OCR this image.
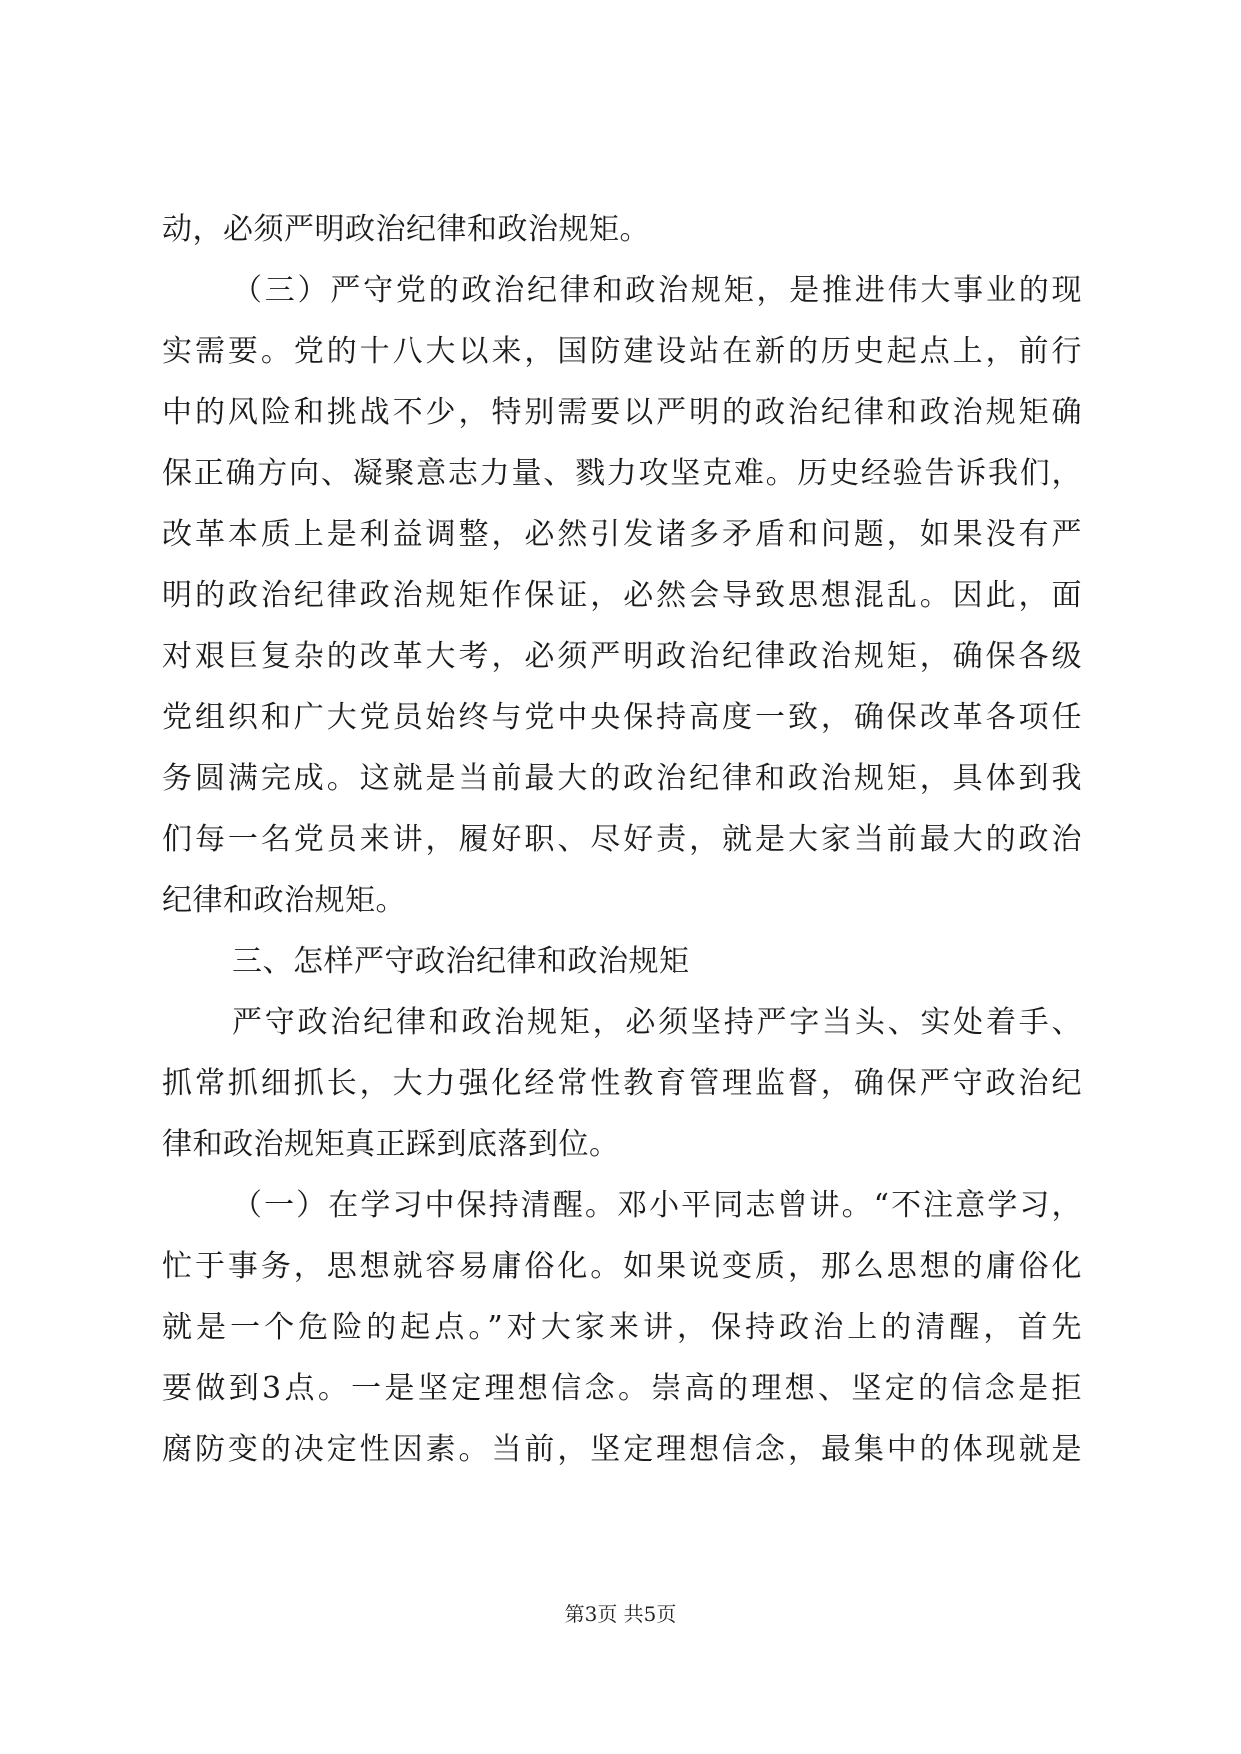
动，必须严明政治纪律和政治规矩。
（三）严守党的政治纪律和政治规矩，是推进伟大事业的现
实需要。党的十八大以来，国防建设站在新的历史起点上，前行
中的风险和挑战不少，特别需要以严明的政治纪律和政治规矩确
保正确方向、凝聚意志力量、戮力攻坚克难。历史经验告诉我们，
改革本质上是利益调整，必然引发诸多矛盾和问题，如果没有严
明的政治纪律政治规矩作保证，必然会导致思想混乱。因此，面
对艰巨复杂的改革大考，必须严明政治纪律政治规矩，确保各级
党组织和广大党员始终与党中央保持高度一致，确保改革各项任
务圆满完成。这就是当前最大的政治纪律和政治规矩，具体到我
们每一名党员来讲，履好职、尽好责，就是大家当前最大的政治
纪律和政治规矩。
三、怎样严守政治纪律和政治规矩
严守政治纪律和政治规矩，必须坚持严字当头、实处着手、
抓常抓细抓长，大力强化经常性教育管理监督，确保严守政治纪
律和政治规矩真正踩到底落到位。
（一）在学习中保持清醒。邓小平同志曾讲。“不注意学习，
忙于事务，思想就容易庸俗化。如果说变质，那么思想的庸俗化
就是一个危险的起点。”对大家来讲，保持政治上的清醒，首先
要做到3点。一是坚定理想信念。崇高的理想、坚定的信念是拒
腐防变的决定性因素。当前，坚定理想信念，最集中的体现就是
第3页 共5页
